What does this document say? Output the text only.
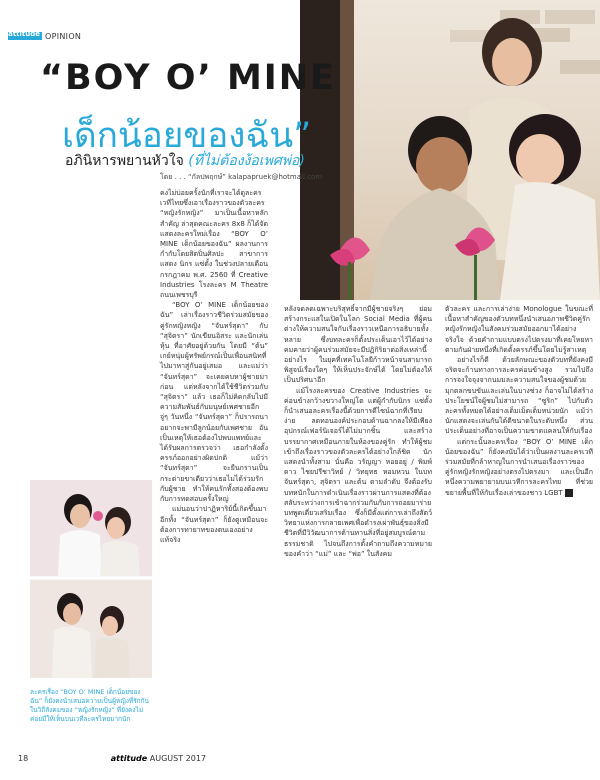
attitude OPINION
“BOY O’ MINE
เด็กน้อยของฉัน”
อภินิหารพยานหัวใจ (ที่ไม่ต้องง้อเพศพ่อ)
โดย . . . “กัลปพฤกษ์” kalapapruek@hotmail.com

คงไม่บ่อยครั้งนักที่เราจะได้ดูละครเวทีไทยซึ่งเอาเรื่องราวของตัวละคร “หญิงรักหญิง” มาเป็นเนื้อหาหลักสำคัญ ล่าสุดคณะละคร 8x8 ก็ได้จัดแสดงละครใหม่เรื่อง “BOY O’ MINE เด็กน้อยของฉัน” ผลงานการกำกับโดยสิตปิ่นศิลปะ สาขาการแสดง นิกร แซ่ตั้ง ในช่วงปลายเดือนกรกฎาคม พ.ศ. 2560 ที่ Creative Industries โรงละคร M Theatre ถนนเพชรบุรี

“BOY O’ MINE เด็กน้อยของฉัน” เล่าเรื่องราวชีวิตร่วมสมัยของคู่รักหญิงหญิง “จันทร์สุดา” กับ “สุจิตรา” นักเขียนอิสระ และนักเล่นหุ้น ที่อาศัยอยู่ด้วยกัน โดยมี “ต้น” เกย์หนุ่มผู้ทรัพย์กรณ์เป็นเพื่อนสนิทที่ไปมาหาสู่กันอยู่เสมอ และแม่ว่า “จันทร์สุดา” จะเคยคบหาผู้ชายมาก่อน แต่หลังจากได้ใช้ชีวิตร่วมกับ “สุจิตรา” แล้ว เธอก็ไม่คิดกลับไปมีความสัมพันธ์กับมนุษย์เพศชายอีก จู่ๆ วันหนึ่ง “จันทร์สุดา” ก็ปรารถนาอยากจะพามีลูกน้อยกับเพศชาย อันเป็นเหตุให้เธอต้องไปพบแพทย์และได้รับผลการตรวจว่า เธอกำลังตั้งครรภ์ออกอย่างผิดปกติ แม้ว่า “จันทร์สุดา” จะยืนกรานเป็นกระต่ายขาเดียวว่าเธอไม่ได้ร่วมรักกับผู้ชาย ทำให้คนรักทั้งสองต้องพบกับการทดสอบครั้งใหญ่

แม่นอนว่าปาฏิหาริย์นี้เกิดขึ้นมา อีกทั้ง “จันทร์สุดา” ก็ยังดูเหมือนจะต้องการทายาทของตนเองอย่างแท้จริง

หลังจดลดเฉพาะบริสุทธิ์จากมีผู้ชายจริงๆ ย่อมสร้างกระแสในเปิดในโลก Social Media ที่ผู้คนต่างให้ความสนใจกับเรื่องราวเหนือการอธิบายทั้งหลาย ซึ่งบทละครก็ตั้งประเด็นเอาไว้ได้อย่างคมคายว่าผู้คนร่วมสมัยจะมีปฏิกิริยาต่อสิ่งเหล่านี้อย่างไร ในยุคที่เทคโนโลยีก้าวหน้าจนสามารถพิสูจน์เรื่องใดๆ ให้เห็นประจักษ์ได้ โดยไม่ต้องให้เป็นปริศนาอีก

แม้โรงละครของ Creative Industries จะค่อนข้างกว้างขวางใหญ่โต แต่ผู้กำกับนิกร แซ่ตั้ง ก็นำเสนอละครเรื่องนี้ด้วยการดีไซน์ฉากที่เรียบง่าย ลดทอนองค์ประกอบด้านฉากลงให้มีเพียงอุปกรณ์เฟอร์นิเจอร์ได้ไม่มากชิ้น และสร้างบรรยากาศเหมือนภายในห้องของคู่รัก ทำให้ผู้ชมเข้าถึงเรื่องราวของตัวละครได้อย่างใกล้ชิด นักแสดงนำทั้งสาม นั่นคือ วรัญญา หอยอยู่ / พิมพ์ดาว ไชยปรีชาวิทย์ / วิทยุทธ หอมหวน ในบท จันทร์สุดา, สุจิตรา และต้น ตามลำดับ จึงต้องรับบทหนักในการดำเนินเรื่องราวผ่านการแสดงที่ต้องสลับระหว่างการเข้าฉากร่วมกันกับการถอยมาร่ายบทพูดเดี่ยวเสริมเรื่อง ซึ่งก็มีตั้งแต่การเล่าถึงสัตว์วิทยาแห่งการกลายเพศเพื่อดำรงเผ่าพันธุ์ของสิ่งมีชีวิตที่มีวิวัฒนาการต้านทานสิ่งที่อยู่สมบูรณ์ตามธรรมชาติ ไปจนถึงการตั้งคำถามถึงความหมายของคำว่า “แม่” และ “พ่อ” ในสังคม

ตัวละคร และการเล่าง่าย Monologue ในขณะที่เนื้อหาสำคัญของตัวบทหนึ่งนำเสนอภาพชีวิตคู่รักหญิงรักหญิงในสังคมร่วมสมัยออกมาได้อย่างจริงใจ ด้วยคำถามแบบตรงไปตรงมาที่เคยโหยหาตามกันฝ่ายหนึ่งที่เกิดตั้งครรภ์ขึ้นโดยไม่รู้สาเหตุ

อย่างไรก็ดี ด้วยลักษณะของตัวบทที่ยังคงมีจริตจะก้านทางการละครค่อนข้างสูง รวมไปถึงการจงใจจุงจากนมมละความสนใจของผู้ชมด้วยมุกตลกขบขันและเล่นในบางช่วง ก็อาจไม่ได้สร้างประโยชน์ใจผู้ชมไม่สามารถ “ซูริก” ไปกับตัวละครทั้งหมดได้อย่างเต็มเม็ดเต็มหน่วยนัก แม้ว่านักแสดงจะเล่นกันได้ดีขนาดในระดับหนึ่ง ส่วนประเด็นอย่างที่อาจเป็นความขาดแคลนให้กับเรื่อง

แต่กระนั้นละครเรื่อง “BOY O’ MINE เด็กน้อยของฉัน” ก็ยังคงนับได้ว่าเป็นผลงานละครเวทีร่วมสมัยที่กล้าหาญในการนำเสนอเรื่องราวของคู่รักหญิงรักหญิงอย่างตรงไปตรงมา และเป็นอีกหนึ่งความพยายามบนเวทีการละครไทย ที่ช่วยขยายพื้นที่ให้กับเรื่องเล่าของชาว LGBT a

ละครเรื่อง “BOY O’ MINE เด็กน้อยของฉัน” ก็ยังคงนำเสนอความเป็นผู้หญิงที่รักกันในวิถีสังคมของ “หญิงรักหญิง” ที่ยังคงไม่ค่อยมีให้เห็นบนเวทีละครไทยมากนัก
18	attitude AUGUST 2017
